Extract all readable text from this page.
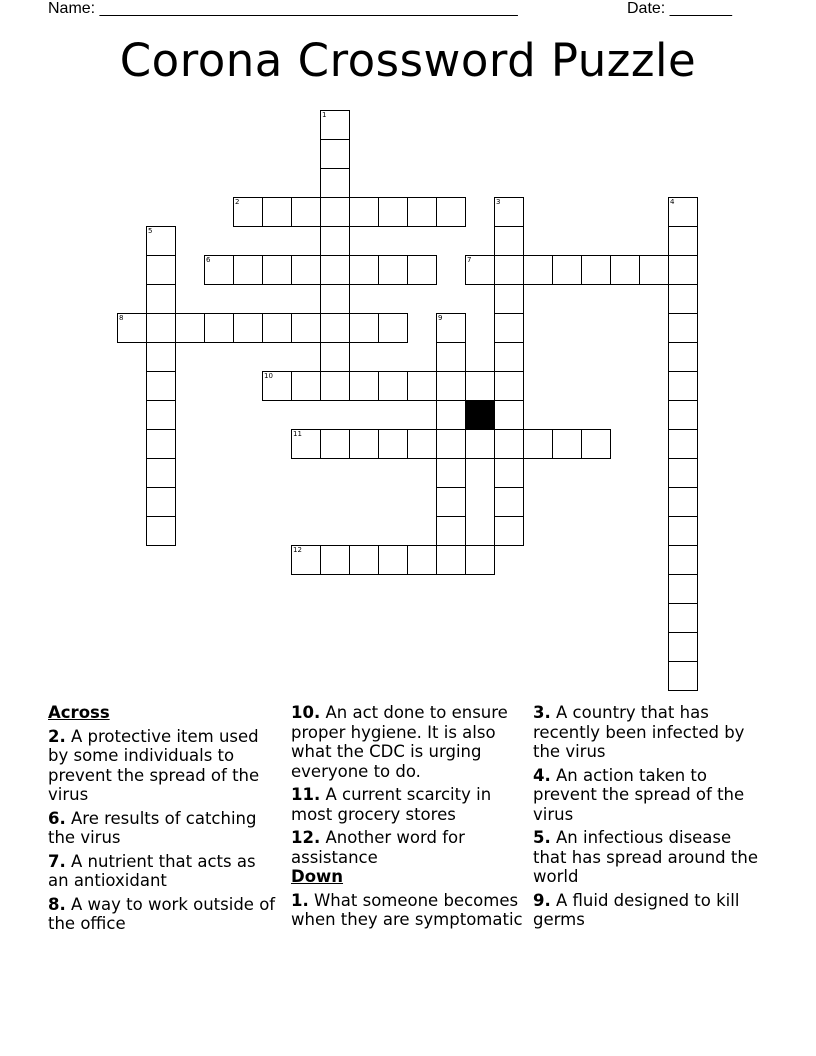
Name: _______________________________________________	Date: _______
Corona Crossword Puzzle
1
2	3	4
5
6	7
8	9
10
11
12
Across
2. A protective item used by some individuals to prevent the spread of the virus
6. Are results of catching the virus
7. A nutrient that acts as an antioxidant
8. A way to work outside of the office
10. An act done to ensure proper hygiene. It is also what the CDC is urging everyone to do.
11. A current scarcity in most grocery stores
12. Another word for assistance
Down
1. What someone becomes when they are symptomatic
3. A country that has recently been infected by the virus
4. An action taken to prevent the spread of the virus
5. An infectious disease that has spread around the world
9. A fluid designed to kill germs
